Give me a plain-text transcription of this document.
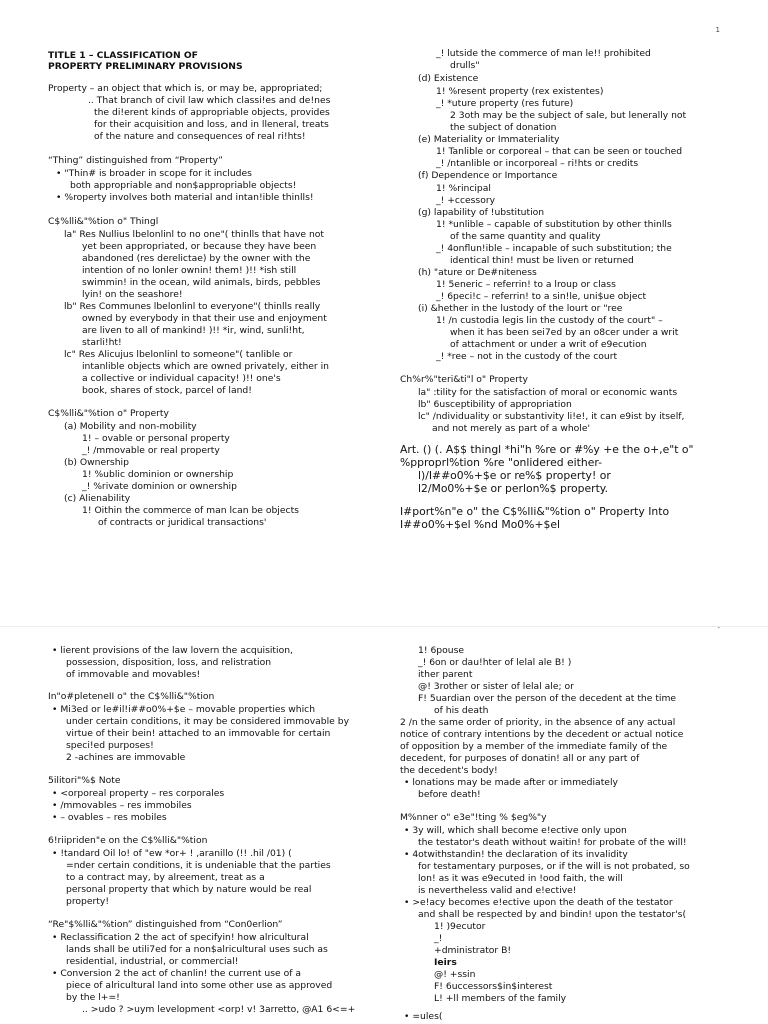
1
TITLE 1 – CLASSIFICATION OF
PROPERTY PRELIMINARY PROVISIONS
Property – an object that which is, or may be, appropriated;
.. That branch of civil law which classi!es and de!nes
the di!erent kinds of appropriable objects, provides
for their acquisition and loss, and in lleneral, treats
of the nature and consequences of real ri!hts!
“Thing” distinguished from “Property”
• "Thin# is broader in scope for it includes
both appropriable and non$appropriable objects!
• %roperty involves both material and intan!ible thinlls!
C$%lli&"%tion o" Thingl
la" Res Nullius lbelonlinl to no one"( thinlls that have not
yet been appropriated, or because they have been
abandoned (res derelictae) by the owner with the
intention of no lonler ownin! them! )!! *ish still
swimmin! in the ocean, wild animals, birds, pebbles
lyin! on the seashore!
lb" Res Communes lbelonlinl to everyone"( thinlls really
owned by everybody in that their use and enjoyment
are liven to all of mankind! )!! *ir, wind, sunli!ht,
starli!ht!
lc" Res Alicujus lbelonlinl to someone"( tanlible or
intanlible objects which are owned privately, either in
a collective or individual capacity! )!! one's
book, shares of stock, parcel of land!
C$%lli&"%tion o" Property
(a) Mobility and non-mobility
1! – ovable or personal property
_! /mmovable or real property
(b) Ownership
1! %ublic dominion or ownership
_! %rivate dominion or ownership
(c) Alienability
1! Oithin the commerce of man lcan be objects
of contracts or juridical transactions'
_! lutside the commerce of man le!! prohibited
drulls"
(d) Existence
1! %resent property (rex existentes)
_! *uture property (res future)
2 3oth may be the subject of sale, but lenerally not
the subject of donation
(e) Materiality or Immateriality
1! Tanlible or corporeal – that can be seen or touched
_! /ntanlible or incorporeal – ri!hts or credits
(f) Dependence or Importance
1! %rincipal
_! +ccessory
(g) lapability of !ubstitution
1! *unlible – capable of substitution by other thinlls
of the same quantity and quality
_! 4onflun!ible – incapable of such substitution; the
identical thin! must be liven or returned
(h) "ature or De#niteness
1! 5eneric – referrin! to a lroup or class
_! 6peci!c – referrin! to a sin!le, uni$ue object
(i) &hether in the lustody of the lourt or "ree
1! /n custodia legis lin the custody of the court" –
when it has been sei7ed by an o8cer under a writ
of attachment or under a writ of e9ecution
_! *ree – not in the custody of the court
Ch%r%"teri&ti"l o" Property
la" :tility for the satisfaction of moral or economic wants
lb" 6usceptibility of appropriation
lc" /ndividuality or substantivity li!e!, it can e9ist by itself,
and not merely as part of a whole'
Art. () (. A$$ thingl *hi"h %re or #%y +e the o+,e"t o"
%pproprl%tion %re "onlidered either-
l)/I##o0%+$e or re%$ property! or
l2/Mo0%+$e or perlon%$ property.
I#port%n"e o" the C$%lli&"%tion o" Property Into
I##o0%+$el %nd Mo0%+$el
-
• lierent provisions of the law lovern the acquisition,
possession, disposition, loss, and relistration
of immovable and movables!
In"o#pleteneII o" the C$%lli&"%tion
• Mi3ed or le#il!i##o0%+$e – movable properties which
under certain conditions, it may be considered immovable by
virtue of their bein! attached to an immovable for certain
speci!ed purposes!
2 -achines are immovable
5ilitori"%$ Note
• <orporeal property – res corporales
• /mmovables – res immobiles
• – ovables – res mobiles
6!riipriden"e on the C$%lli&"%tion
• !tandard Oil lo! of "ew *or+ ! ,aranillo (!! .hil /01) (
=nder certain conditions, it is undeniable that the parties
to a contract may, by alreement, treat as a
personal property that which by nature would be real
property!
“Re"$%lli&"%tion” distinguished from “Con0erlion”
• Reclassification 2 the act of specifyin! how alricultural
lands shall be utili7ed for a non$alricultural uses such as
residential, industrial, or commercial!
• Conversion 2 the act of chanlin! the current use of a
piece of alricultural land into some other use as approved
by the l+=!
.. >udo ? >uym levelopment <orp! v! 3arretto, @A1 6<=+
1! 6pouse
_! 6on or dau!hter of lelal ale B! )
ither parent
@! 3rother or sister of lelal ale; or
F! 5uardian over the person of the decedent at the time
of his death
2 /n the same order of priority, in the absence of any actual
notice of contrary intentions by the decedent or actual notice
of opposition by a member of the immediate family of the
decedent, for purposes of donatin! all or any part of
the decedent's body!
• lonations may be made after or immediately
before death!
M%nner o" e3e"!ting % $eg%"y
• 3y will, which shall become e!ective only upon
the testator's death without waitin! for probate of the will!
• 4otwithstandin! the declaration of its invalidity
for testamentary purposes, or if the will is not probated, so
lon! as it was e9ecuted in !ood faith, the will
is nevertheless valid and e!ective!
• >e!acy becomes e!ective upon the death of the testator
and shall be respected by and bindin! upon the testator's(
1! )9ecutor
_!
+dministrator B!
Ieirs
@! +ssin
F! 6uccessors$in$interest
L! +ll members of the family
• =ules(
